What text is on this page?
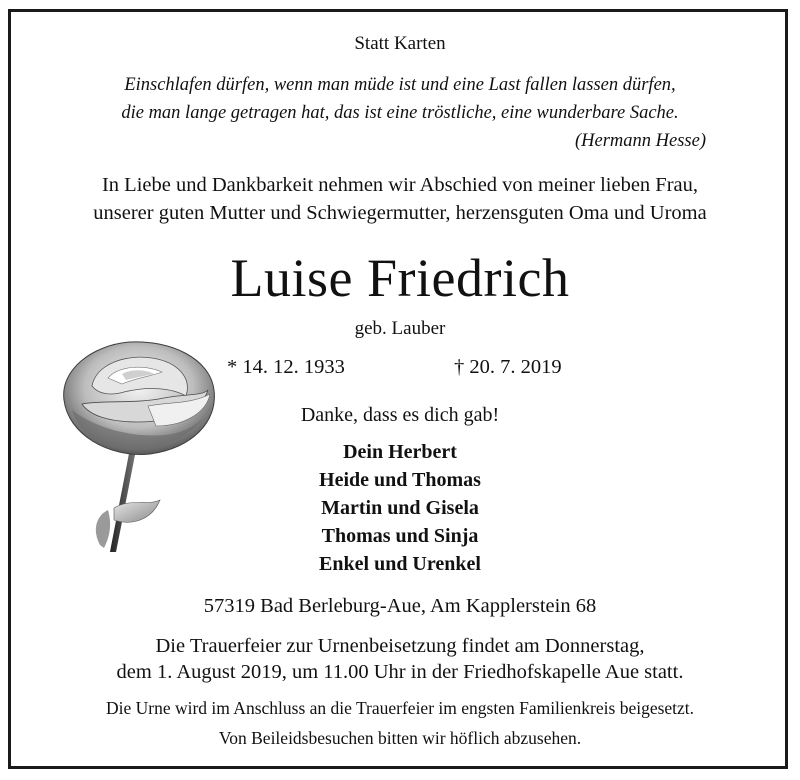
Statt Karten
Einschlafen dürfen, wenn man müde ist und eine Last fallen lassen dürfen,
die man lange getragen hat, das ist eine tröstliche, eine wunderbare Sache.
(Hermann Hesse)
In Liebe und Dankbarkeit nehmen wir Abschied von meiner lieben Frau,
unserer guten Mutter und Schwiegermutter, herzensguten Oma und Uroma
Luise Friedrich
geb. Lauber
* 14. 12. 1933	† 20. 7. 2019
Danke, dass es dich gab!
Dein Herbert
Heide und Thomas
Martin und Gisela
Thomas und Sinja
Enkel und Urenkel
57319 Bad Berleburg-Aue, Am Kapplerstein 68
Die Trauerfeier zur Urnenbeisetzung findet am Donnerstag,
dem 1. August 2019, um 11.00 Uhr in der Friedhofskapelle Aue statt.
Die Urne wird im Anschluss an die Trauerfeier im engsten Familienkreis beigesetzt.
Von Beileidsbesuchen bitten wir höflich abzusehen.
